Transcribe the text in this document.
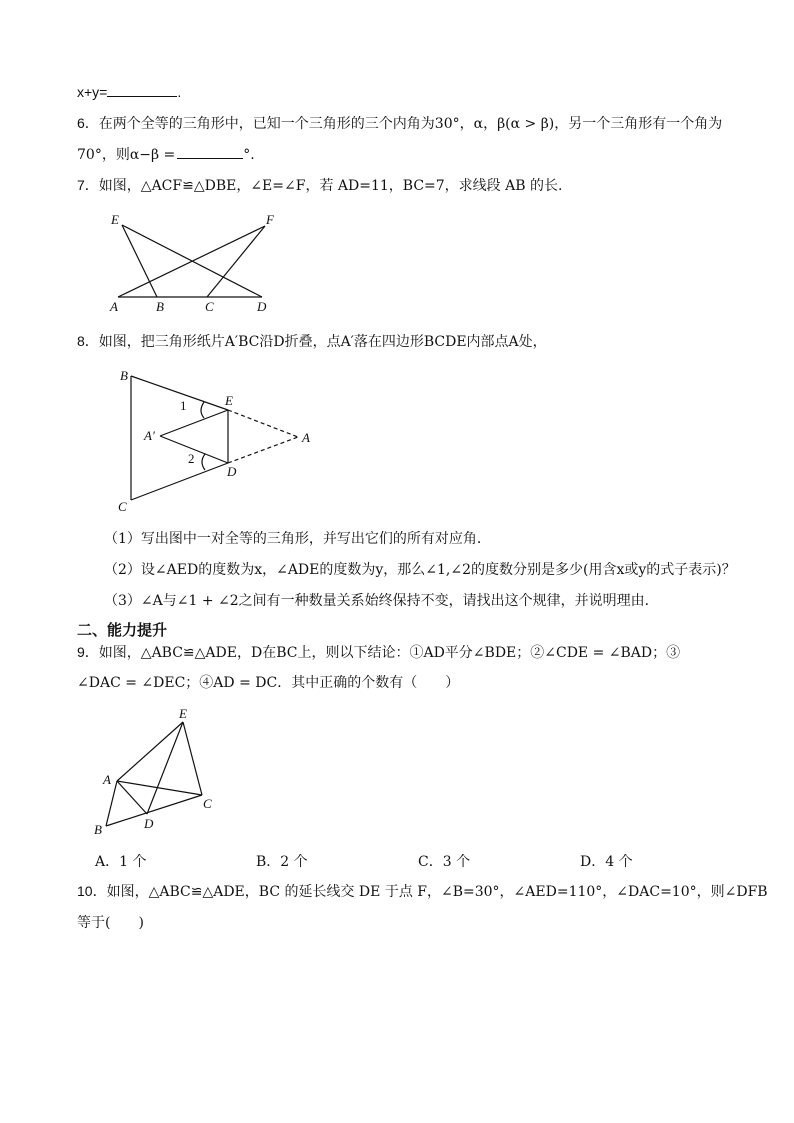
x+y=	.
6．在两个全等的三角形中，已知一个三角形的三个内角为30°，α，β(α > β)，另一个三角形有一个角为
70°，则α−β =	°.
7．如图，△ACF≌△DBE，∠E=∠F，若 AD=11，BC=7，求线段 AB 的长.
E	F
A	B	C	D
8．如图，把三角形纸片A′BC沿D折叠，点A′落在四边形BCDE内部点A处，
B
E
A′	A
D
C
1
2
（1）写出图中一对全等的三角形，并写出它们的所有对应角．
（2）设∠AED的度数为x，∠ADE的度数为y，那么∠1,∠2的度数分别是多少(用含x或y的式子表示)？
（3）∠A与∠1 + ∠2之间有一种数量关系始终保持不变，请找出这个规律，并说明理由．
二、能力提升
9．如图，△ABC≌△ADE，D在BC上，则以下结论：①AD平分∠BDE；②∠CDE = ∠BAD；③
∠DAC = ∠DEC；④AD = DC．其中正确的个数有（　　）
E
A
C
D
B
A．1 个	B．2 个	C．3 个	D．4 个
10．如图，△ABC≌△ADE，BC 的延长线交 DE 于点 F，∠B=30°，∠AED=110°，∠DAC=10°，则∠DFB
等于(　　)
